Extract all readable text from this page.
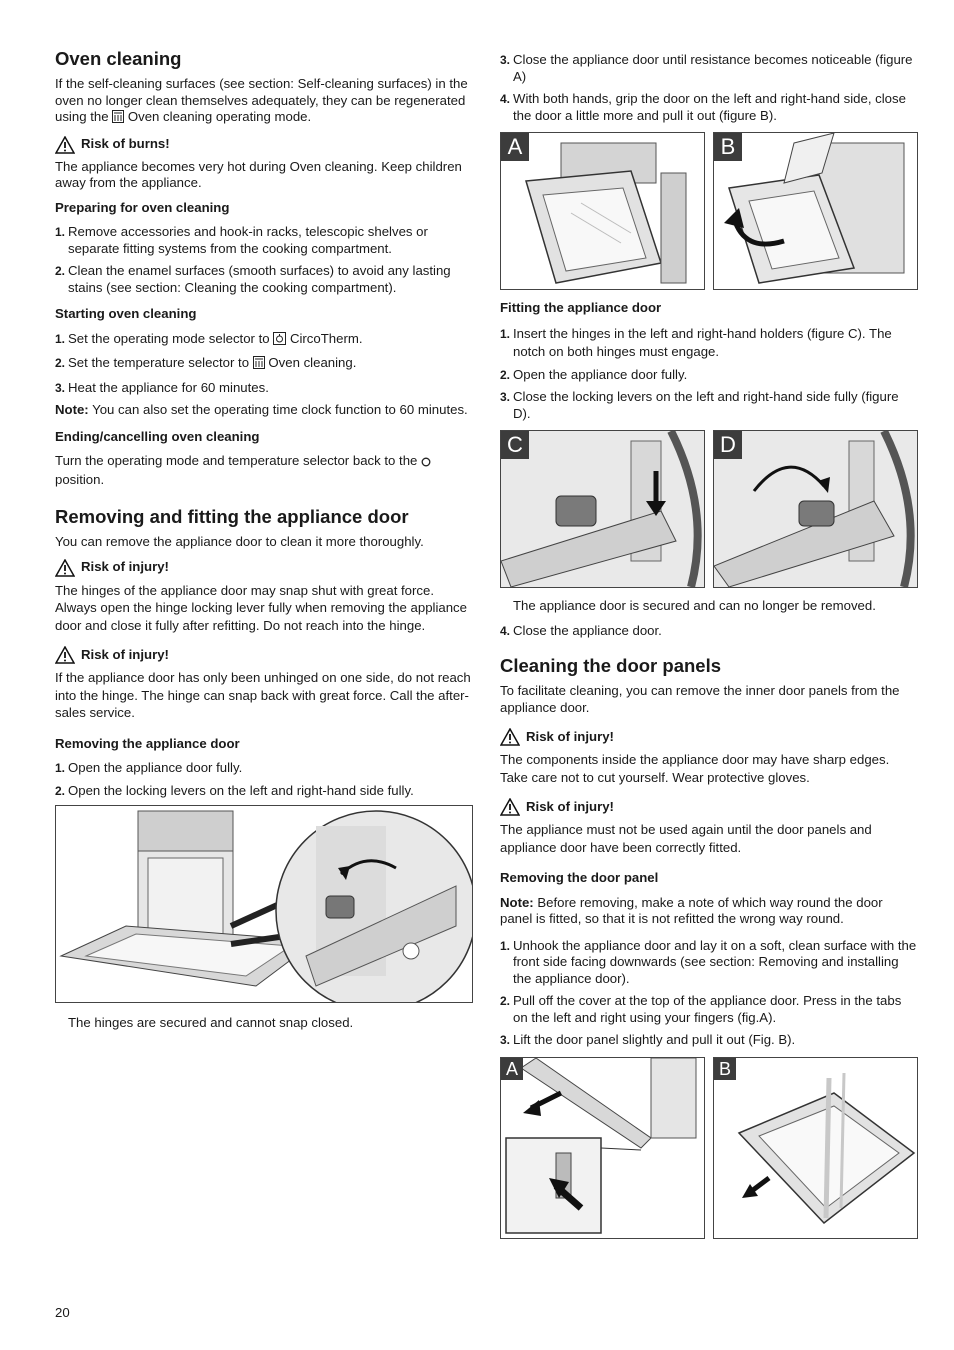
Oven cleaning

If the self-cleaning surfaces (see section: Self-cleaning surfaces) in the oven no longer clean themselves adequately, they can be regenerated using the Oven cleaning operating mode.

Risk of burns!

The appliance becomes very hot during Oven cleaning. Keep children away from the appliance.

Preparing for oven cleaning
1. Remove accessories and hook-in racks, telescopic shelves or separate fitting systems from the cooking compartment.
2. Clean the enamel surfaces (smooth surfaces) to avoid any lasting stains (see section: Cleaning the cooking compartment).
Starting oven cleaning
1. Set the operating mode selector to CircoTherm.
2. Set the temperature selector to Oven cleaning.
3. Heat the appliance for 60 minutes.

Note: You can also set the operating time clock function to 60 minutes.

Ending/cancelling oven cleaning

Turn the operating mode and temperature selector back to the  position.

Removing and fitting the appliance door

You can remove the appliance door to clean it more thoroughly.

Risk of injury!

The hinges of the appliance door may snap shut with great force. Always open the hinge locking lever fully when removing the appliance door and close it fully after refitting. Do not reach into the hinge.

Risk of injury!

If the appliance door has only been unhinged on one side, do not reach into the hinge. The hinge can snap back with great force. Call the after-sales service.

Removing the appliance door
1. Open the appliance door fully.
2. Open the locking levers on the left and right-hand side fully.

The hinges are secured and cannot snap closed.

3. Close the appliance door until resistance becomes noticeable (figure A)
4. With both hands, grip the door on the left and right-hand side, close the door a little more and pull it out (figure B).
A	B
Fitting the appliance door
1. Insert the hinges in the left and right-hand holders (figure C). The notch on both hinges must engage.
2. Open the appliance door fully.
3. Close the locking levers on the left and right-hand side fully (figure D).
C	D

The appliance door is secured and can no longer be removed.

4. Close the appliance door.
Cleaning the door panels

To facilitate cleaning, you can remove the inner door panels from the appliance door.

Risk of injury!

The components inside the appliance door may have sharp edges. Take care not to cut yourself. Wear protective gloves.

Risk of injury!

The appliance must not be used again until the door panels and appliance door have been correctly fitted.

Removing the door panel

Note: Before removing, make a note of which way round the door panel is fitted, so that it is not refitted the wrong way round.

1. Unhook the appliance door and lay it on a soft, clean surface with the front side facing downwards (see section: Removing and installing the appliance door).
2. Pull off the cover at the top of the appliance door. Press in the tabs on the left and right using your fingers (fig.A).
3. Lift the door panel slightly and pull it out (Fig. B).
A	B
20
